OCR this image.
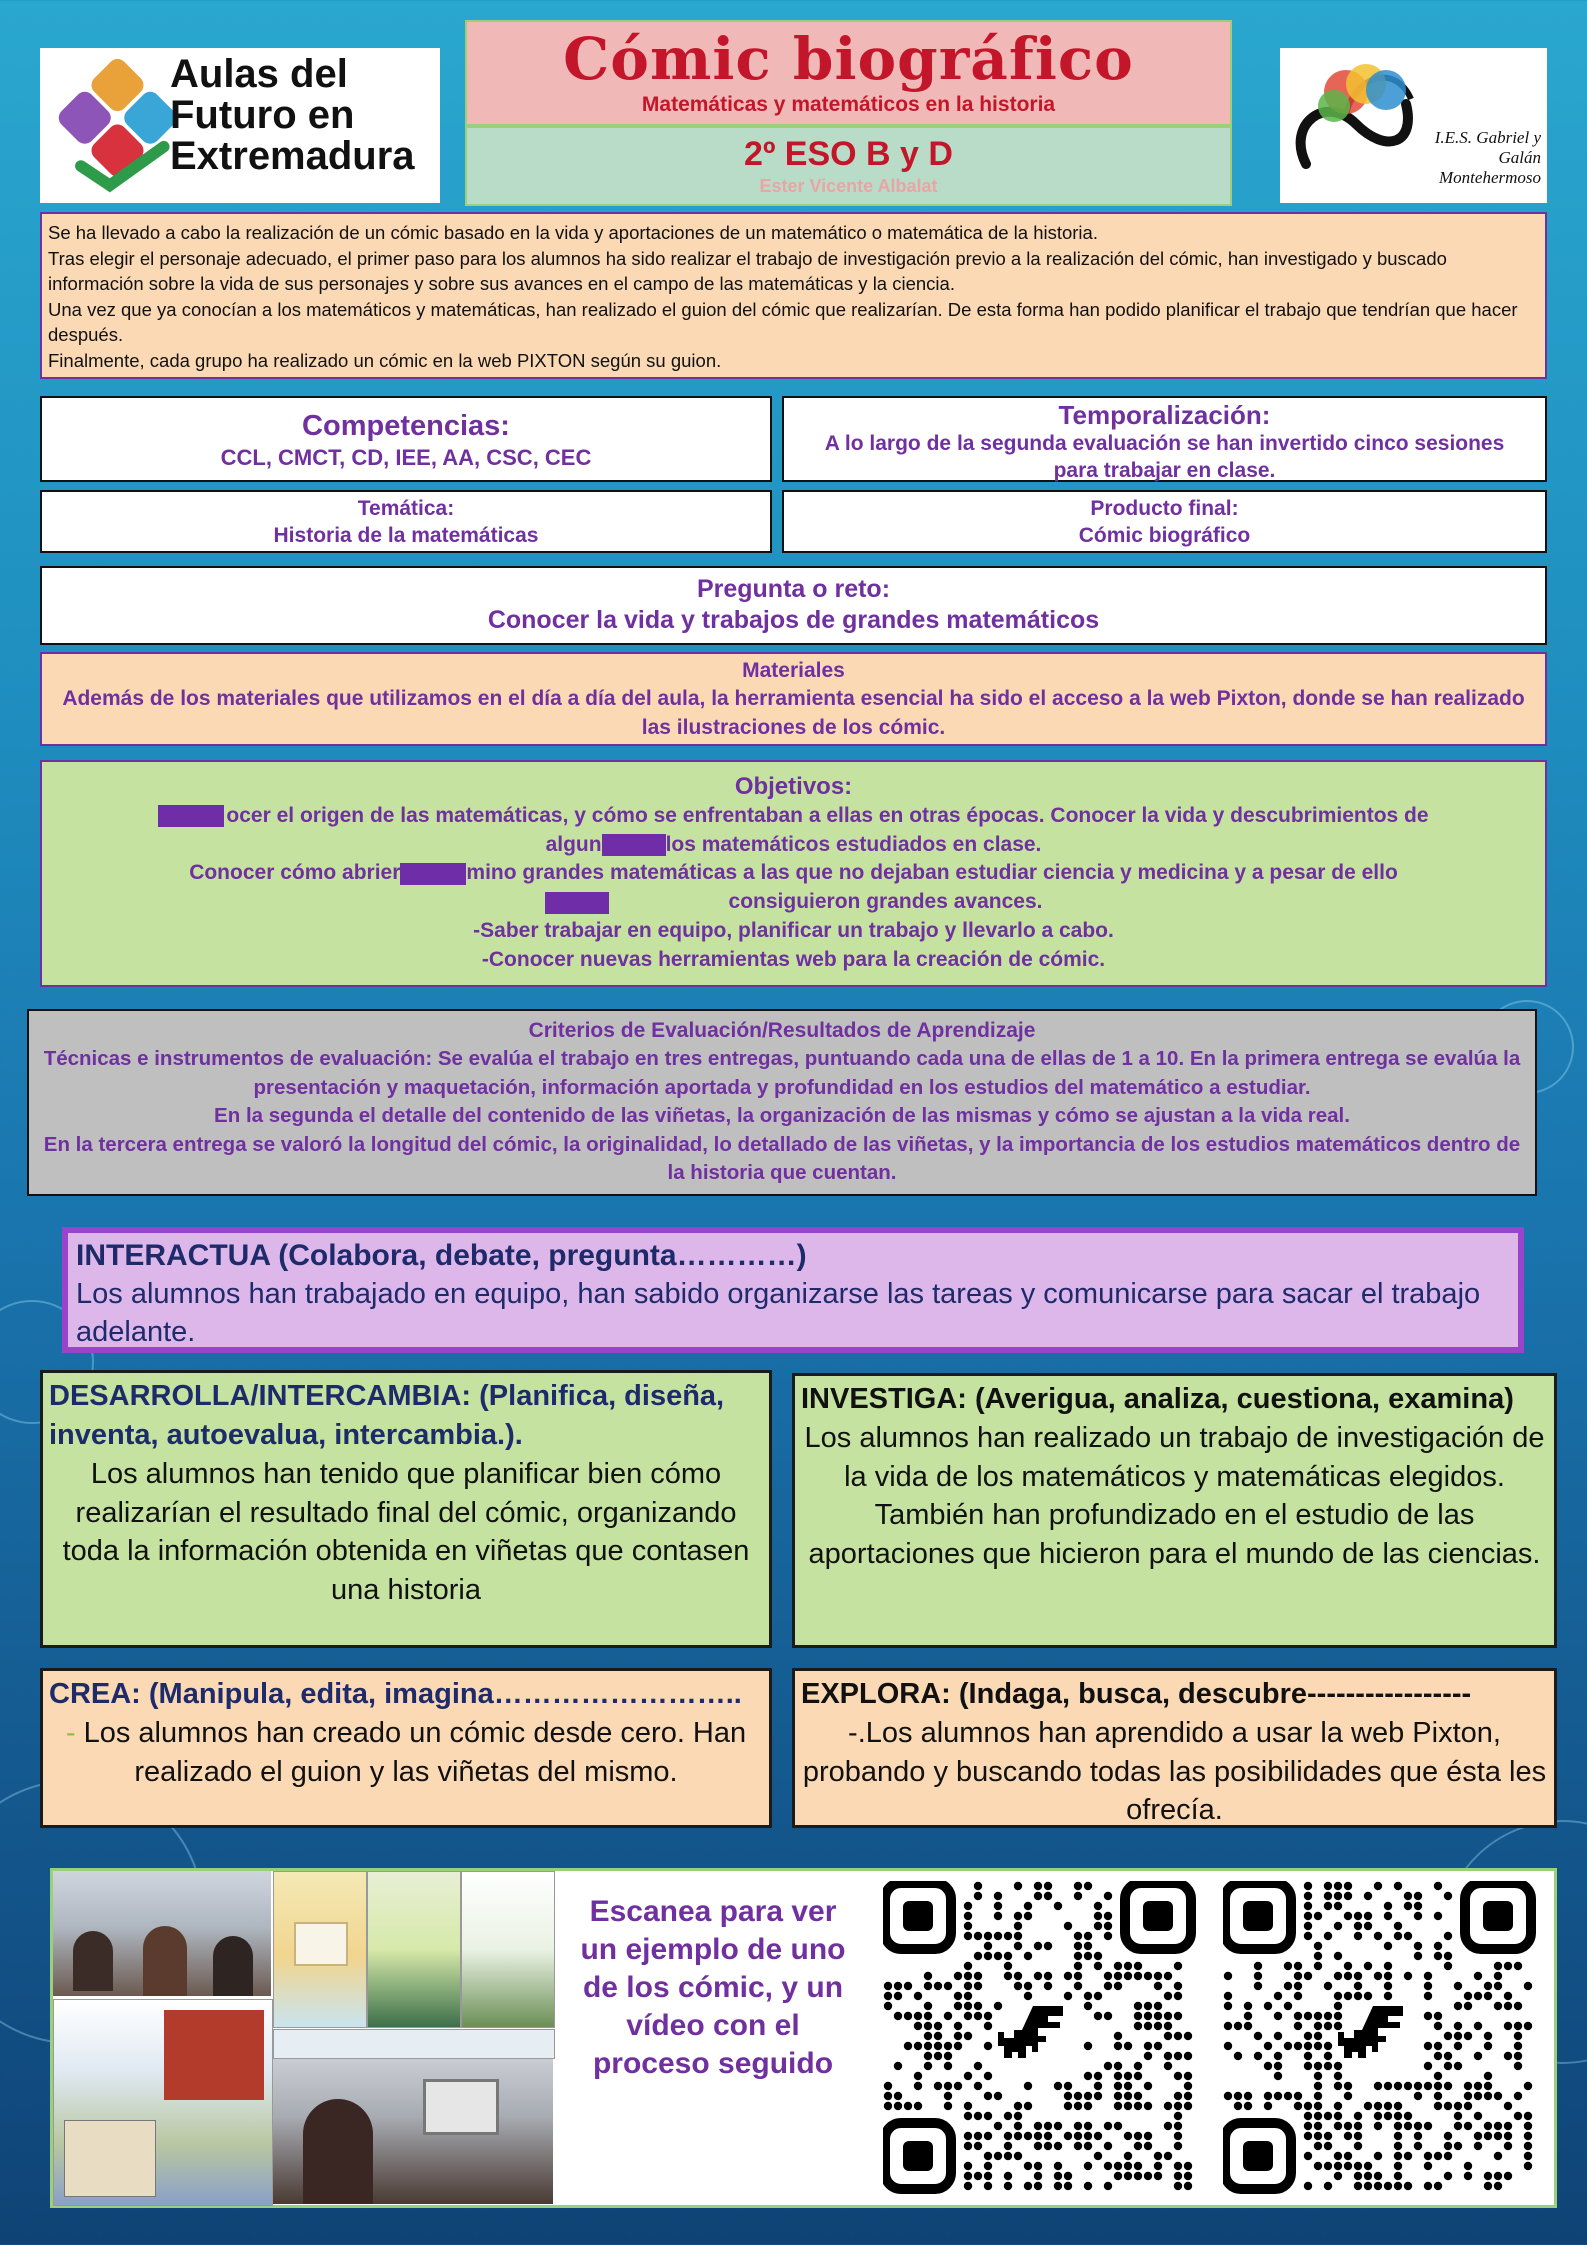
Aulas del Futuro en Extremadura
Cómic biográfico
Matemáticas y matemáticos en la historia
2º ESO B y D
Ester Vicente Albalat
I.E.S. Gabriel y Galán Montehermoso
Se ha llevado a cabo la realización de un cómic basado en la vida y aportaciones de un matemático o matemática de la historia.
Tras elegir el personaje adecuado, el primer paso para los alumnos ha sido realizar el trabajo de investigación previo a la realización del cómic, han investigado y buscado información sobre la vida de sus personajes y sobre sus avances en el campo de las matemáticas y la ciencia.
Una vez que ya conocían a los matemáticos y matemáticas, han realizado el guion del cómic que realizarían. De esta forma han podido planificar el trabajo que tendrían que hacer después.
Finalmente, cada grupo ha realizado un cómic en la web PIXTON según su guion.
Competencias:
CCL, CMCT, CD, IEE, AA, CSC, CEC
Temporalización:
A lo largo de la segunda evaluación se han invertido cinco sesiones para trabajar en clase.
Temática:
Historia de la matemáticas
Producto final:
Cómic biográfico
Pregunta o reto:
Conocer la vida y trabajos de grandes matemáticos
Materiales
Además de los materiales que utilizamos en el día a día del aula, la herramienta esencial ha sido el acceso a la web Pixton, donde se han realizado las ilustraciones de los cómic.
Objetivos:
ocer el origen de las matemáticas, y cómo se enfrentaban a ellas en otras épocas. Conocer la vida y descubrimientos de
algun	los matemáticos estudiados en clase.
Conocer cómo abrier	mino grandes matemáticas a las que no dejaban estudiar ciencia y medicina y a pesar de ello
consiguieron grandes avances.
-Saber trabajar en equipo, planificar un trabajo y llevarlo a cabo.
-Conocer nuevas herramientas web para la creación de cómic.
Criterios de Evaluación/Resultados de Aprendizaje
Técnicas e instrumentos de evaluación: Se evalúa el trabajo en tres entregas, puntuando cada una de ellas de 1 a 10. En la primera entrega se evalúa la presentación y maquetación, información aportada y profundidad en los estudios del matemático a estudiar.
En la segunda el detalle del contenido de las viñetas, la organización de las mismas y cómo se ajustan a la vida real.
En la tercera entrega se valoró la longitud del cómic, la originalidad, lo detallado de las viñetas, y la importancia de los estudios matemáticos dentro de la historia que cuentan.
INTERACTUA (Colabora, debate, pregunta…………)
Los alumnos han trabajado en equipo, han sabido organizarse las tareas y comunicarse para sacar el trabajo adelante.
DESARROLLA/INTERCAMBIA: (Planifica, diseña, inventa, autoevalua, intercambia.).
Los alumnos han tenido que planificar bien cómo realizarían el resultado final del cómic, organizando toda la información obtenida en viñetas que contasen una historia
INVESTIGA: (Averigua, analiza, cuestiona, examina)
Los alumnos han realizado un trabajo de investigación de la vida de los matemáticos y matemáticas elegidos. También han profundizado en el estudio de las aportaciones que hicieron para el mundo de las ciencias.
CREA: (Manipula, edita, imagina……………………..
- Los alumnos han creado un cómic desde cero. Han realizado el guion y las viñetas del mismo.
EXPLORA: (Indaga, busca, descubre-----------------
-.Los alumnos han aprendido a usar la web Pixton, probando y buscando todas las posibilidades que ésta les ofrecía.
Escanea para ver un ejemplo de uno de los cómic, y un vídeo con el proceso seguido
